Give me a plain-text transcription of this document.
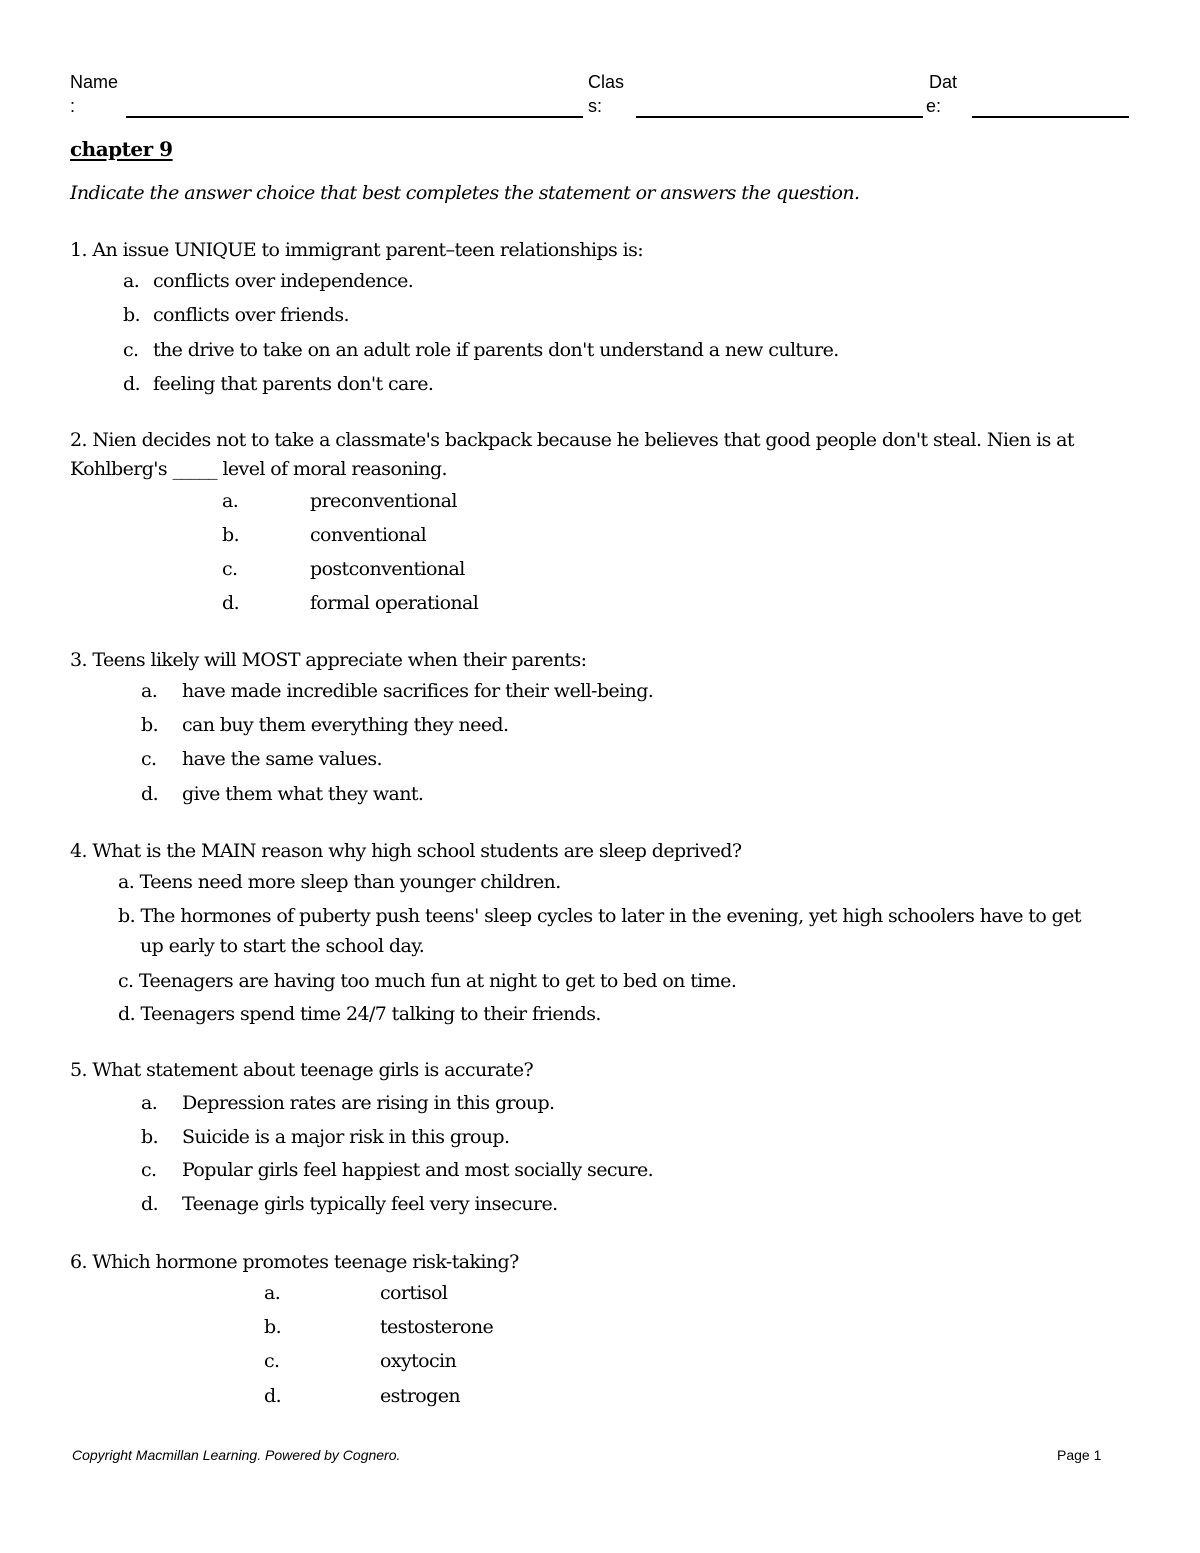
Name
:
Clas
s:
Dat
e:
chapter 9
Indicate the answer choice that best completes the statement or answers the question.
1. An issue UNIQUE to immigrant parent–teen relationships is:
a. conflicts over independence.
b. conflicts over friends.
c. the drive to take on an adult role if parents don't understand a new culture.
d. feeling that parents don't care.
2. Nien decides not to take a classmate's backpack because he believes that good people don't steal. Nien is at Kohlberg's _____ level of moral reasoning.
a.	preconventional
b.	conventional
c.	postconventional
d.	formal operational
3. Teens likely will MOST appreciate when their parents:
a. have made incredible sacrifices for their well-being.
b. can buy them everything they need.
c. have the same values.
d. give them what they want.
4. What is the MAIN reason why high school students are sleep deprived?
a. Teens need more sleep than younger children.
b. The hormones of puberty push teens' sleep cycles to later in the evening, yet high schoolers have to get up early to start the school day.
c. Teenagers are having too much fun at night to get to bed on time.
d. Teenagers spend time 24/7 talking to their friends.
5. What statement about teenage girls is accurate?
a. Depression rates are rising in this group.
b. Suicide is a major risk in this group.
c. Popular girls feel happiest and most socially secure.
d. Teenage girls typically feel very insecure.
6. Which hormone promotes teenage risk-taking?
a.	cortisol
b.	testosterone
c.	oxytocin
d.	estrogen
Copyright Macmillan Learning. Powered by Cognero.	Page 1
